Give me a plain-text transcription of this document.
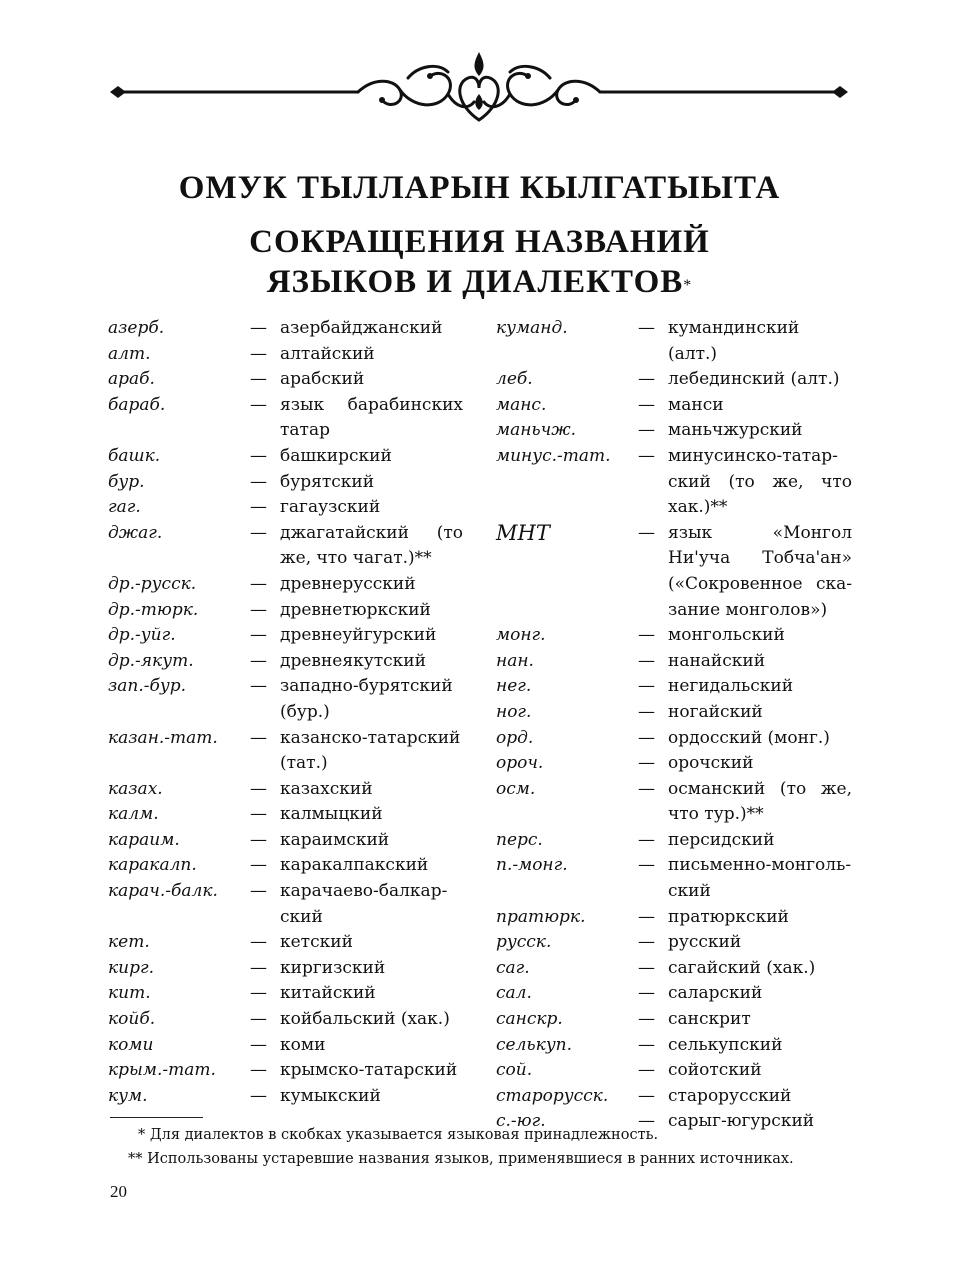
ОМУК ТЫЛЛАРЫН КЫЛГАТЫЫТА
СОКРАЩЕНИЯ НАЗВАНИЙ
ЯЗЫКОВ И ДИАЛЕКТОВ*
азерб.	— азербайджанский
алт.	— алтайский
араб.	— арабский
бараб.	— язык барабинских татар
башк.	— башкирский
бур.	— бурятский
гаг.	— гагаузский
джаг.	— джагатайский (то же, что чагат.)**
др.-русск.	— древнерусский
др.-тюрк.	— древнетюркский
др.-уйг.	— древнеуйгурский
др.-якут.	— древнеякутский
зап.-бур.	— западно-бурятский (бур.)
казан.-тат.	— казанско-татарский (тат.)
казах.	— казахский
калм.	— калмыцкий
караим.	— караимский
каракалп.	— каракалпакский
карач.-балк.	— карачаево-балкар-ский
кет.	— кетский
кирг.	— киргизский
кит.	— китайский
койб.	— койбальский (хак.)
коми	— коми
крым.-тат.	— крымско-татарский
кум.	— кумыкский
куманд.	— кумандинский (алт.)
леб.	— лебединский (алт.)
манс.	— манси
маньчж.	— маньчжурский
минус.-тат.	— минусинско-татар-ский (то же, что хак.)**
МНТ	— язык «Монгол Ни'уча Тобча'ан» («Сокровенное ска-зание монголов»)
монг.	— монгольский
нан.	— нанайский
нег.	— негидальский
ног.	— ногайский
орд.	— ордосский (монг.)
ороч.	— орочский
осм.	— османский (то же, что тур.)**
перс.	— персидский
п.-монг.	— письменно-монголь-ский
пратюрк.	— пратюркский
русск.	— русский
саг.	— сагайский (хак.)
сал.	— саларский
санскр.	— санскрит
селькуп.	— селькупский
сой.	— сойотский
старорусск.	— старорусский
с.-юг.	— сарыг-югурский
* Для диалектов в скобках указывается языковая принадлежность.
** Использованы устаревшие названия языков, применявшиеся в ранних источниках.
20
